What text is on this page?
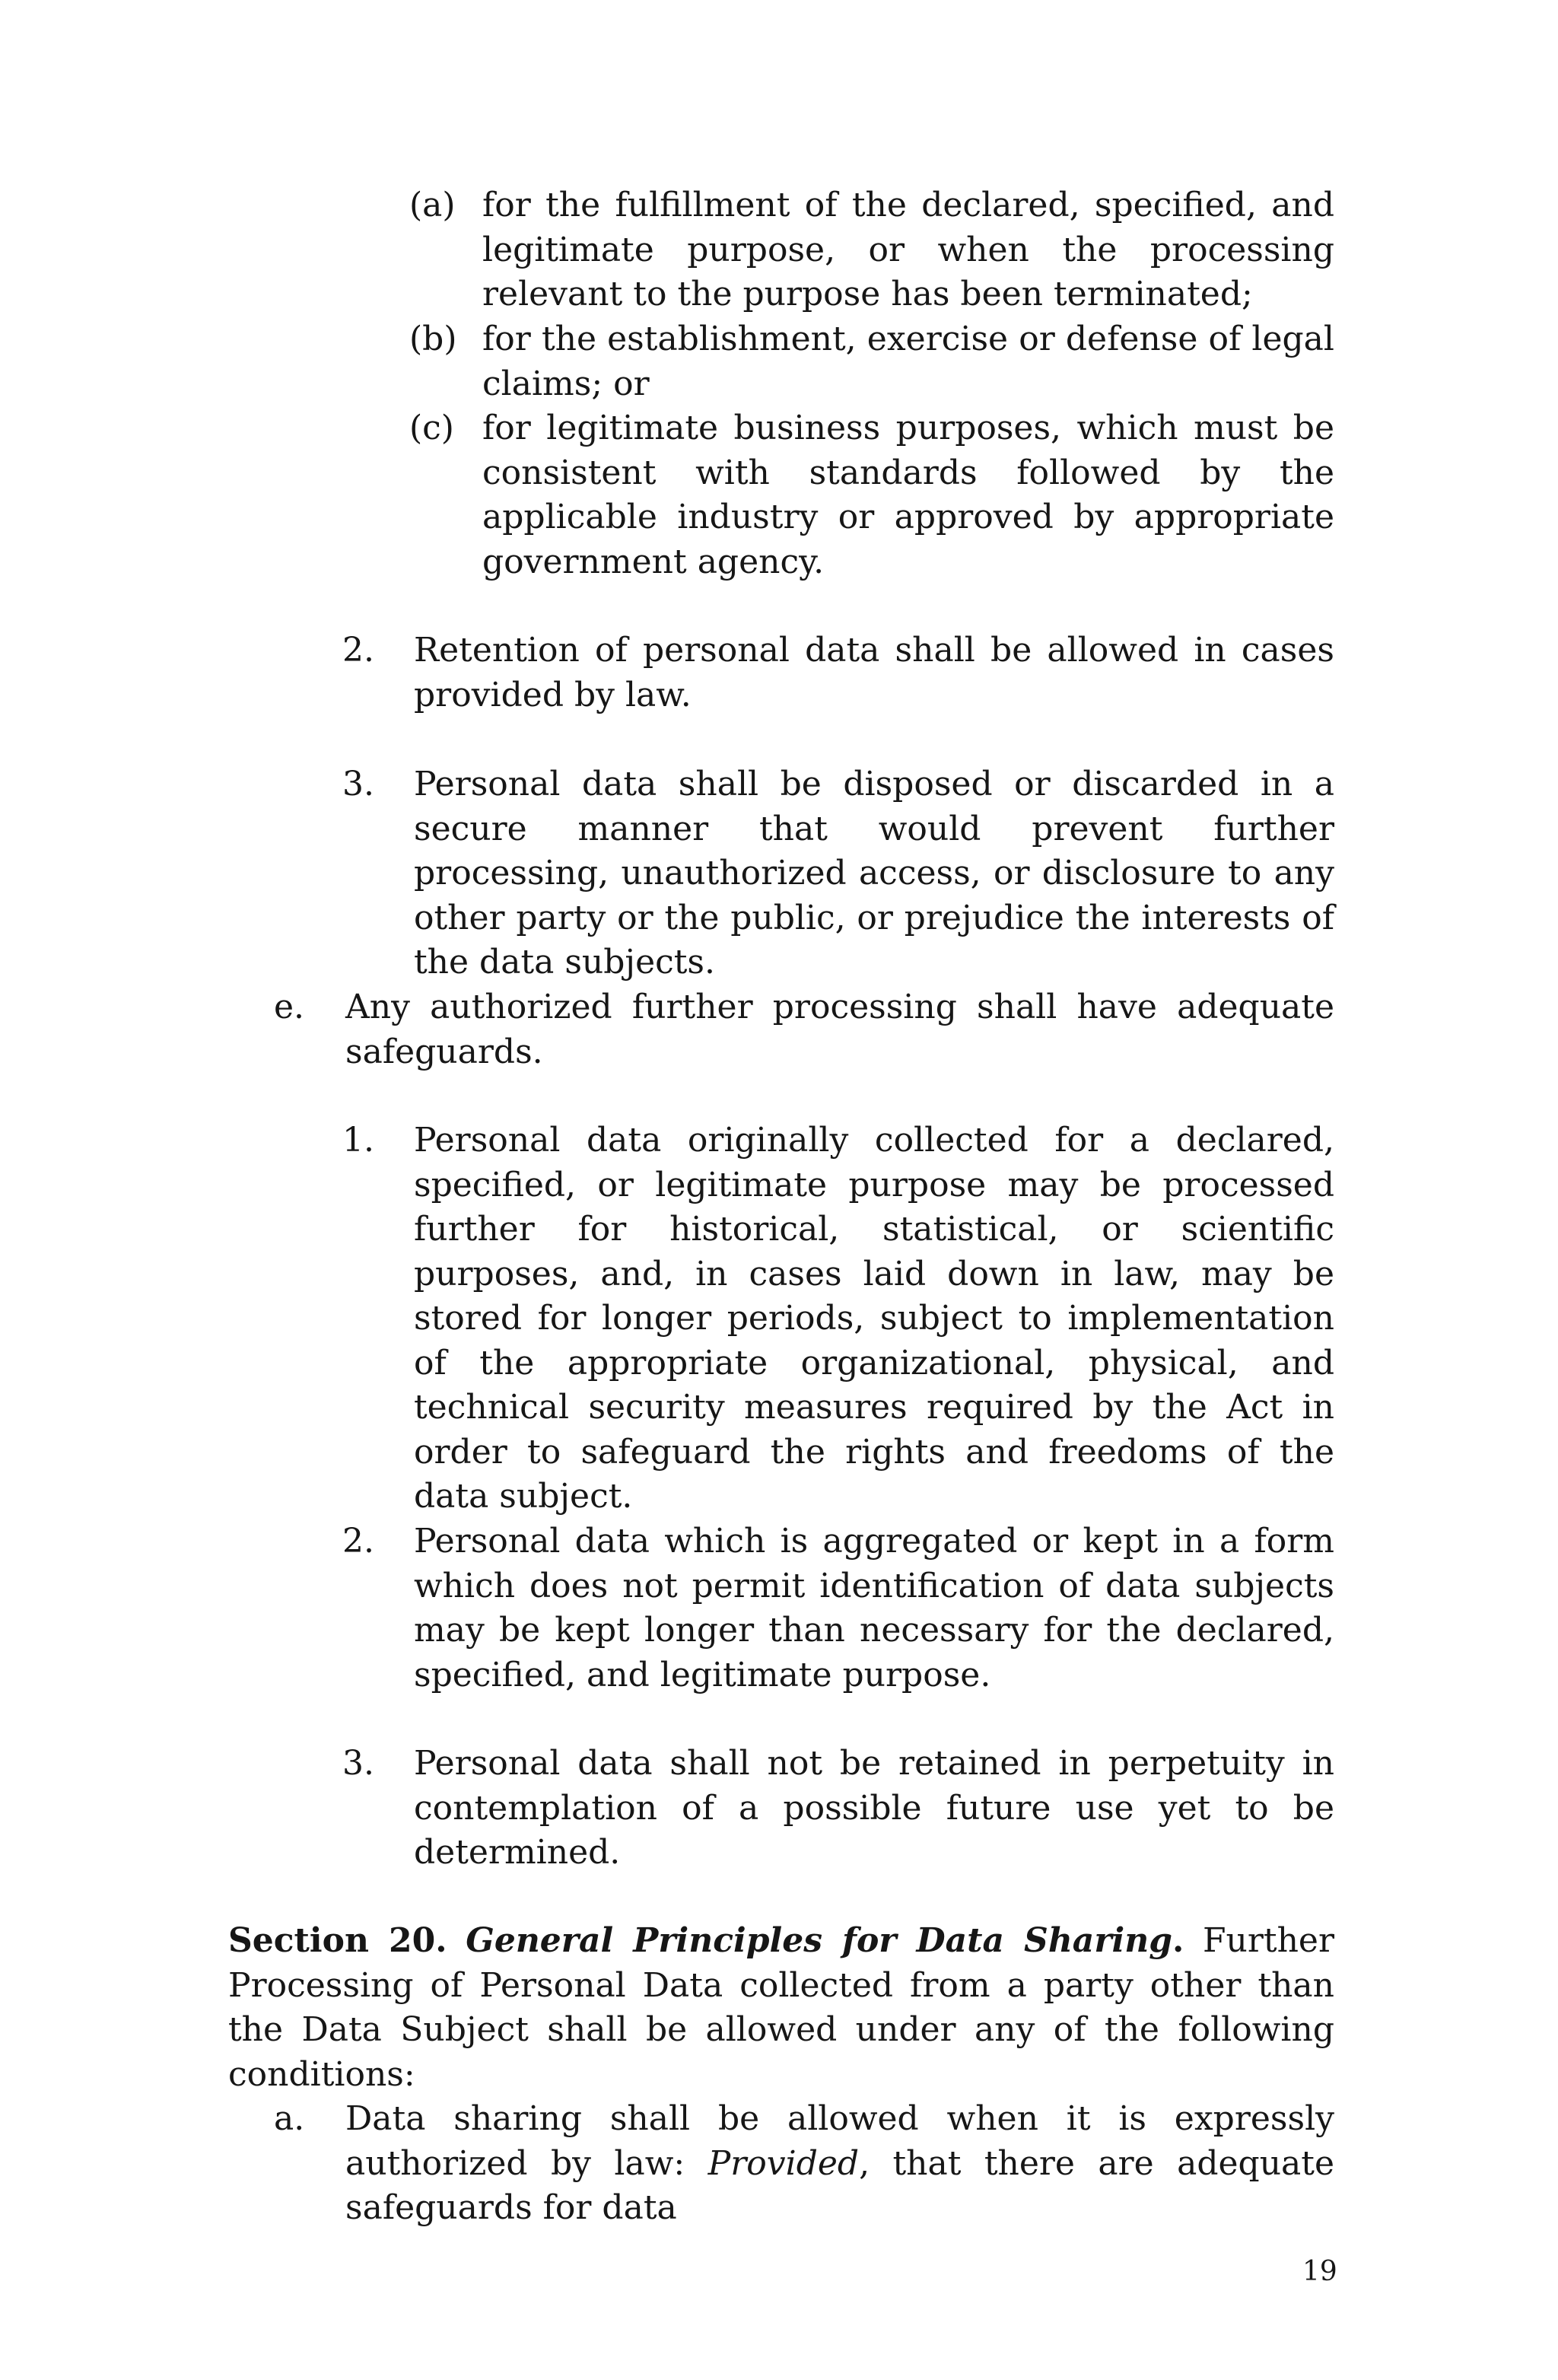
(a) for the fulfillment of the declared, specified, and legitimate purpose, or when the processing relevant to the purpose has been terminated;
(b) for the establishment, exercise or defense of legal claims; or
(c) for legitimate business purposes, which must be consistent with standards followed by the applicable industry or approved by appropriate government agency.
2.	Retention of personal data shall be allowed in cases provided by law.
3.	Personal data shall be disposed or discarded in a secure manner that would prevent further processing, unauthorized access, or disclosure to any other party or the public, or prejudice the interests of the data subjects.
e.	Any authorized further processing shall have adequate safeguards.
1.	Personal data originally collected for a declared, specified, or legitimate purpose may be processed further for historical, statistical, or scientific purposes, and, in cases laid down in law, may be stored for longer periods, subject to implementation of the appropriate organizational, physical, and technical security measures required by the Act in order to safeguard the rights and freedoms of the data subject.
2.	Personal data which is aggregated or kept in a form which does not permit identification of data subjects may be kept longer than necessary for the declared, specified, and legitimate purpose.
3.	Personal data shall not be retained in perpetuity in contemplation of a possible future use yet to be determined.
Section 20. General Principles for Data Sharing. Further Processing of Personal Data collected from a party other than the Data Subject shall be allowed under any of the following conditions:
a.	Data sharing shall be allowed when it is expressly authorized by law: Provided, that there are adequate safeguards for data
19
